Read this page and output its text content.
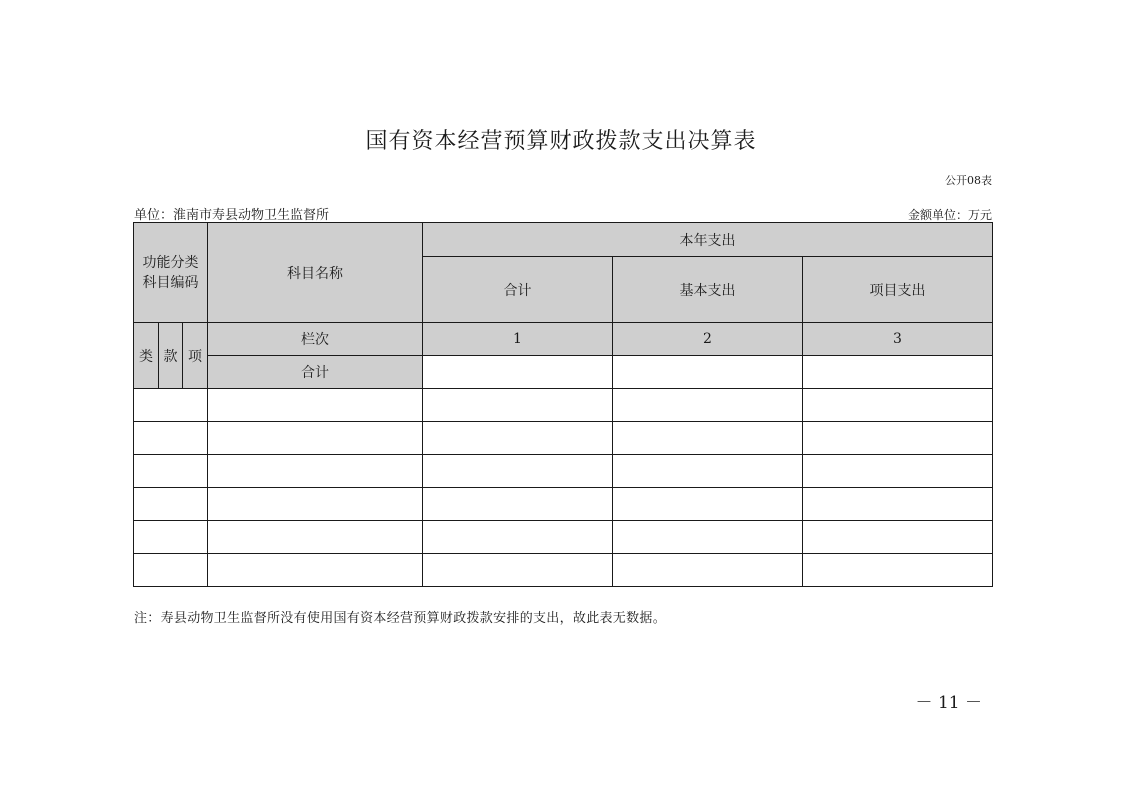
国有资本经营预算财政拨款支出决算表
公开08表
单位：淮南市寿县动物卫生监督所	金额单位：万元
功能分类
科目编码			科目名称	本年支出		
				合计	基本支出	项目支出
类	款	项	栏次	1	2	3
			合计			

注：寿县动物卫生监督所没有使用国有资本经营预算财政拨款安排的支出，故此表无数据。
－ 11 －
